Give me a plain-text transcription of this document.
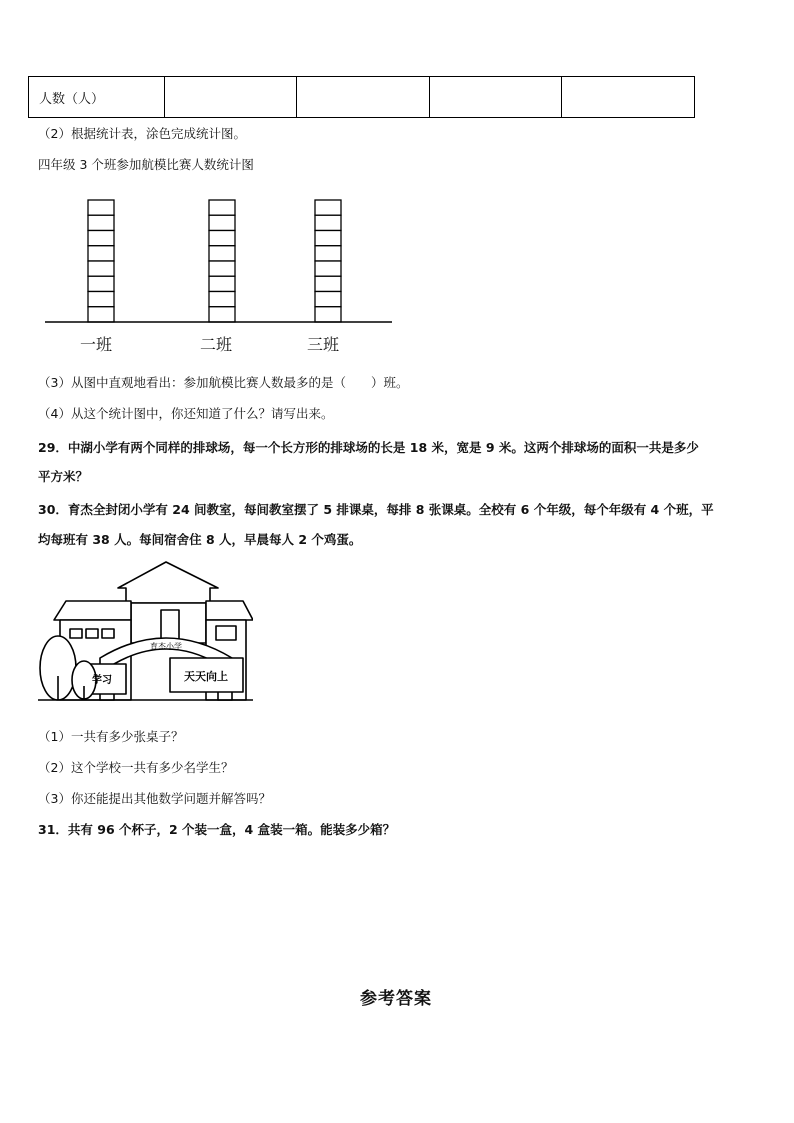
人数（人）				
（2）根据统计表，涂色完成统计图。
四年级 3 个班参加航模比赛人数统计图
一班	二班	三班
（3）从图中直观地看出：参加航模比赛人数最多的是（　　）班。
（4）从这个统计图中，你还知道了什么？请写出来。
29．中湖小学有两个同样的排球场，每一个长方形的排球场的长是 18 米，宽是 9 米。这两个排球场的面积一共是多少
平方米？
30．育杰全封闭小学有 24 间教室，每间教室摆了 5 排课桌，每排 8 张课桌。全校有 6 个年级，每个年级有 4 个班，平
均每班有 38 人。每间宿舍住 8 人，早晨每人 2 个鸡蛋。
育杰小学
天天向上
学习
（1）一共有多少张桌子？
（2）这个学校一共有多少名学生？
（3）你还能提出其他数学问题并解答吗？
31．共有 96 个杯子，2 个装一盒，4 盒装一箱。能装多少箱？
参考答案
